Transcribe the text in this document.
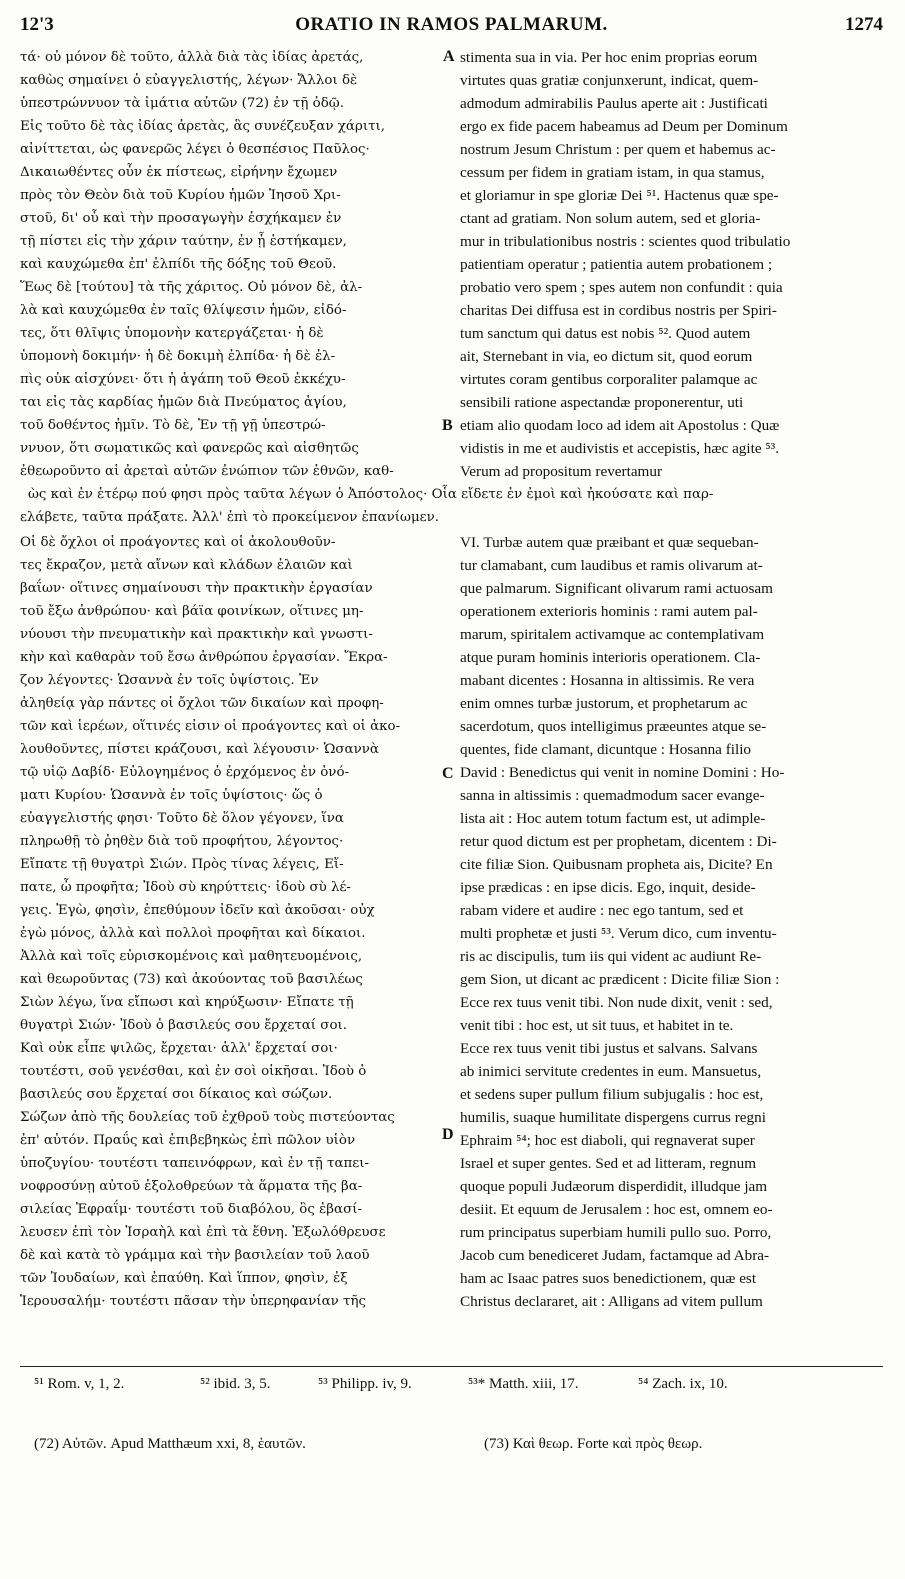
12'3	ORATIO IN RAMOS PALMARUM.	1274
τά· οὐ μόνον δὲ τοῦτο, ἀλλὰ διὰ τὰς ἰδίας ἀρετάς,
καθὼς σημαίνει ὁ εὐαγγελιστής, λέγων· Ἄλλοι δὲ
ὑπεστρώννυον τὰ ἱμάτια αὐτῶν (72) ἐν τῇ ὁδῷ.
Εἰς τοῦτο δὲ τὰς ἰδίας ἀρετὰς, ἃς συνέζευξαν χάριτι,
αἰνίττεται, ὡς φανερῶς λέγει ὁ θεσπέσιος Παῦλος·
Δικαιωθέντες οὖν ἐκ πίστεως, εἰρήνην ἔχωμεν
πρὸς τὸν Θεὸν διὰ τοῦ Κυρίου ἡμῶν Ἰησοῦ Χρι-
στοῦ, δι' οὗ καὶ τὴν προσαγωγὴν ἐσχήκαμεν ἐν
τῇ πίστει εἰς τὴν χάριν ταύτην, ἐν ᾗ ἑστήκαμεν,
καὶ καυχώμεθα ἐπ' ἐλπίδι τῆς δόξης τοῦ Θεοῦ.
Ἕως δὲ [τούτου] τὰ τῆς χάριτος. Οὐ μόνον δὲ, ἀλ-
λὰ καὶ καυχώμεθα ἐν ταῖς θλίψεσιν ἡμῶν, εἰδό-
τες, ὅτι θλῖψις ὑπομονὴν κατεργάζεται· ἡ δὲ
ὑπομονὴ δοκιμήν· ἡ δὲ δοκιμὴ ἐλπίδα· ἡ δὲ ἐλ-
πὶς οὐκ αἰσχύνει· ὅτι ἡ ἀγάπη τοῦ Θεοῦ ἐκκέχυ-
ται εἰς τὰς καρδίας ἡμῶν διὰ Πνεύματος ἁγίου,
τοῦ δοθέντος ἡμῖν. Τὸ δὲ, Ἐν τῇ γῇ ὑπεστρώ-
ννυον, ὅτι σωματικῶς καὶ φανερῶς καὶ αἰσθητῶς
ἐθεωροῦντο αἱ ἀρεταὶ αὐτῶν ἐνώπιον τῶν ἐθνῶν, καθ-
stimenta sua in via. Per hoc enim proprias eorum
virtutes quas gratiæ conjunxerunt, indicat, quem-
admodum admirabilis Paulus aperte ait : Justificati
ergo ex fide pacem habeamus ad Deum per Dominum
nostrum Jesum Christum : per quem et habemus ac-
cessum per fidem in gratiam istam, in qua stamus,
et gloriamur in spe gloriæ Dei ⁵¹. Hactenus quæ spe-
ctant ad gratiam. Non solum autem, sed et gloria-
mur in tribulationibus nostris : scientes quod tribulatio
patientiam operatur ; patientia autem probationem ;
probatio vero spem ; spes autem non confundit : quia
charitas Dei diffusa est in cordibus nostris per Spiri-
tum sanctum qui datus est nobis ⁵². Quod autem
ait, Sternebant in via, eo dictum sit, quod eorum
virtutes coram gentibus corporaliter palamque ac
sensibili ratione aspectandæ proponerentur, uti
etiam alio quodam loco ad idem ait Apostolus : Quæ
vidistis in me et audivistis et accepistis, hæc agite ⁵³.
Verum ad propositum revertamur
A
B
ὼς καὶ ἐν ἑτέρῳ πού φησι πρὸς ταῦτα λέγων ὁ Ἀπόστολος· Οἷα εἴδετε ἐν ἐμοὶ καὶ ἠκούσατε καὶ παρ-
ελάβετε, ταῦτα πράξατε. Ἀλλ' ἐπὶ τὸ προκείμενον ἐπανίωμεν.
Οἱ δὲ ὄχλοι οἱ προάγοντες καὶ οἱ ἀκολουθοῦν-
τες ἔκραζον, μετὰ αἴνων καὶ κλάδων ἐλαιῶν καὶ
βαΐων· οἵτινες σημαίνουσι τὴν πρακτικὴν ἐργασίαν
τοῦ ἔξω ἀνθρώπου· καὶ βάϊα φοινίκων, οἵτινες μη-
νύουσι τὴν πνευματικὴν καὶ πρακτικὴν καὶ γνωστι-
κὴν καὶ καθαρὰν τοῦ ἔσω ἀνθρώπου ἐργασίαν. Ἔκρα-
ζον λέγοντες· Ὡσαννὰ ἐν τοῖς ὑψίστοις. Ἐν
ἀληθείᾳ γὰρ πάντες οἱ ὄχλοι τῶν δικαίων καὶ προφη-
τῶν καὶ ἱερέων, οἵτινές εἰσιν οἱ προάγοντες καὶ οἱ ἀκο-
λουθοῦντες, πίστει κράζουσι, καὶ λέγουσιν· Ὡσαννὰ
τῷ υἱῷ Δαβίδ· Εὐλογημένος ὁ ἐρχόμενος ἐν ὀνό-
ματι Κυρίου· Ὡσαννὰ ἐν τοῖς ὑψίστοις· ὥς ὁ
εὐαγγελιστής φησι· Τοῦτο δὲ ὅλον γέγονεν, ἵνα
πληρωθῇ τὸ ῥηθὲν διὰ τοῦ προφήτου, λέγοντος·
Εἴπατε τῇ θυγατρὶ Σιών. Πρὸς τίνας λέγεις, Εἴ-
πατε, ὦ προφῆτα; Ἰδοὺ σὺ κηρύττεις· ἰδοὺ σὺ λέ-
γεις. Ἐγὼ, φησὶν, ἐπεθύμουν ἰδεῖν καὶ ἀκοῦσαι· οὐχ
ἐγὼ μόνος, ἀλλὰ καὶ πολλοὶ προφῆται καὶ δίκαιοι.
Ἀλλὰ καὶ τοῖς εὑρισκομένοις καὶ μαθητευομένοις,
καὶ θεωροῦντας (73) καὶ ἀκούοντας τοῦ βασιλέως
Σιὼν λέγω, ἵνα εἴπωσι καὶ κηρύξωσιν· Εἴπατε τῇ
θυγατρὶ Σιών· Ἰδοὺ ὁ βασιλεύς σου ἔρχεταί σοι.
Καὶ οὐκ εἶπε ψιλῶς, ἔρχεται· ἀλλ' ἔρχεταί σοι·
τουτέστι, σοῦ γενέσθαι, καὶ ἐν σοὶ οἰκῆσαι. Ἰδοὺ ὁ
βασιλεύς σου ἔρχεταί σοι δίκαιος καὶ σώζων.
Σώζων ἀπὸ τῆς δουλείας τοῦ ἐχθροῦ τοὺς πιστεύοντας
ἐπ' αὐτόν. Πραΰς καὶ ἐπιβεβηκὼς ἐπὶ πῶλον υἱὸν
ὑποζυγίου· τουτέστι ταπεινόφρων, καὶ ἐν τῇ ταπει-
νοφροσύνῃ αὐτοῦ ἐξολοθρεύων τὰ ἅρματα τῆς βα-
σιλείας Ἐφραΐμ· τουτέστι τοῦ διαβόλου, ὃς ἐβασί-
λευσεν ἐπὶ τὸν Ἰσραὴλ καὶ ἐπὶ τὰ ἔθνη. Ἐξωλόθρευσε
δὲ καὶ κατὰ τὸ γράμμα καὶ τὴν βασιλείαν τοῦ λαοῦ
τῶν Ἰουδαίων, καὶ ἐπαύθη. Καὶ ἵππον, φησὶν, ἐξ
Ἱερουσαλήμ· τουτέστι πᾶσαν τὴν ὑπερηφανίαν τῆς
VI. Turbæ autem quæ præibant et quæ sequeban-
tur clamabant, cum laudibus et ramis olivarum at-
que palmarum. Significant olivarum rami actuosam
operationem exterioris hominis : rami autem pal-
marum, spiritalem activamque ac contemplativam
atque puram hominis interioris operationem. Cla-
mabant dicentes : Hosanna in altissimis. Re vera
enim omnes turbæ justorum, et prophetarum ac
sacerdotum, quos intelligimus præeuntes atque se-
quentes, fide clamant, dicuntque : Hosanna filio
David : Benedictus qui venit in nomine Domini : Ho-
sanna in altissimis : quemadmodum sacer evange-
lista ait : Hoc autem totum factum est, ut adimple-
retur quod dictum est per prophetam, dicentem : Di-
cite filiæ Sion. Quibusnam propheta ais, Dicite? En
ipse prædicas : en ipse dicis. Ego, inquit, deside-
rabam videre et audire : nec ego tantum, sed et
multi prophetæ et justi ⁵³. Verum dico, cum inventu-
ris ac discipulis, tum iis qui vident ac audiunt Re-
gem Sion, ut dicant ac prædicent : Dicite filiæ Sion :
Ecce rex tuus venit tibi. Non nude dixit, venit : sed,
venit tibi : hoc est, ut sit tuus, et habitet in te.
Ecce rex tuus venit tibi justus et salvans. Salvans
ab inimici servitute credentes in eum. Mansuetus,
et sedens super pullum filium subjugalis : hoc est,
humilis, suaque humilitate dispergens currus regni
Ephraim ⁵⁴; hoc est diaboli, qui regnaverat super
Israel et super gentes. Sed et ad litteram, regnum
quoque populi Judæorum disperdidit, illudque jam
desiit. Et equum de Jerusalem : hoc est, omnem eo-
rum principatus superbiam humili pullo suo. Porro,
Jacob cum benediceret Judam, factamque ad Abra-
ham ac Isaac patres suos benedictionem, quæ est
Christus declararet, ait : Alligans ad vitem pullum
C
D
⁵¹ Rom. v, 1, 2.	⁵² ibid. 3, 5.	⁵³ Philipp. iv, 9.	⁵³* Matth. xiii, 17.	⁵⁴ Zach. ix, 10.
(72) Αὐτῶν. Apud Matthæum xxi, 8, ἑαυτῶν.	(73) Καὶ θεωρ. Forte καὶ πρὸς θεωρ.
